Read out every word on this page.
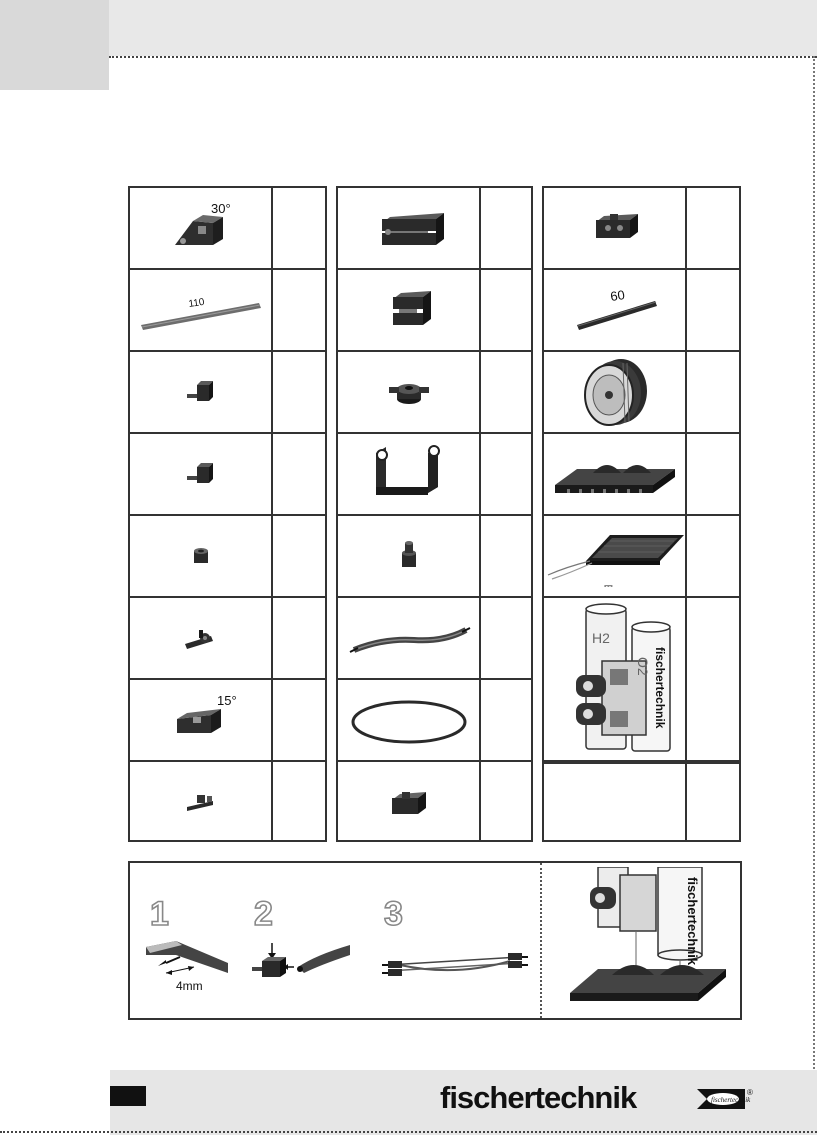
30°
110
15°
60
⎓
H2
O2 fischertechnik
1	2	3
4mm
fischertechnik
fischertechnik	fischertechnik
®
